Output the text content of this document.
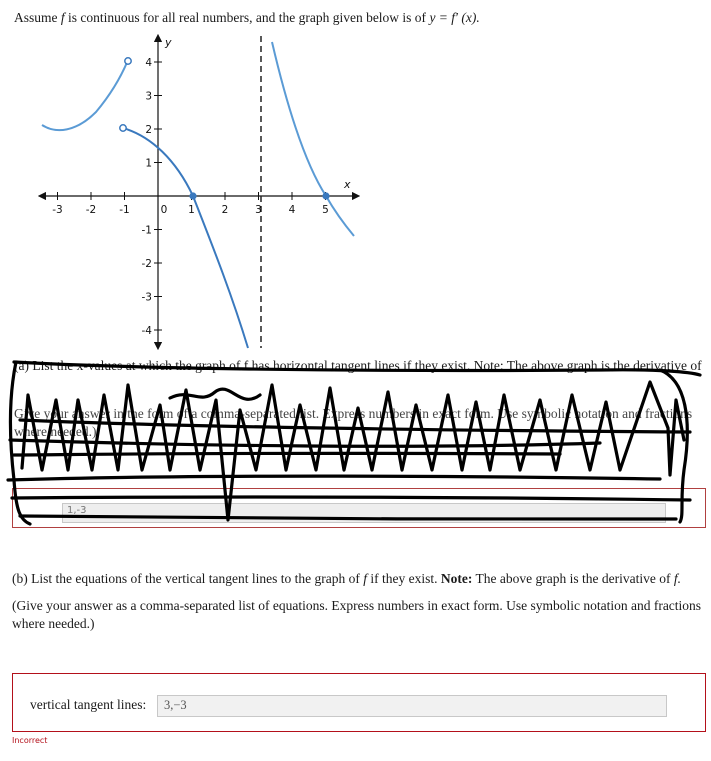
Assume f is continuous for all real numbers, and the graph given below is of y = f′ (x).
-3 -2 -1	0 1	2	3	4	5
4
3
2
1
-1
-2
-3
-4
x
y
(a) List the x-values at which the graph of f has horizontal tangent lines if they exist. Note: The above graph is the derivative of
Give your answer in the form of a comma-separated list. Express numbers in exact form. Use symbolic notation and fractions
where needed.)
1,-3
(b) List the equations of the vertical tangent lines to the graph of f if they exist. Note: The above graph is the derivative of f.
(Give your answer as a comma-separated list of equations. Express numbers in exact form. Use symbolic notation and fractions where needed.)
vertical tangent lines:	3,−3
Incorrect
